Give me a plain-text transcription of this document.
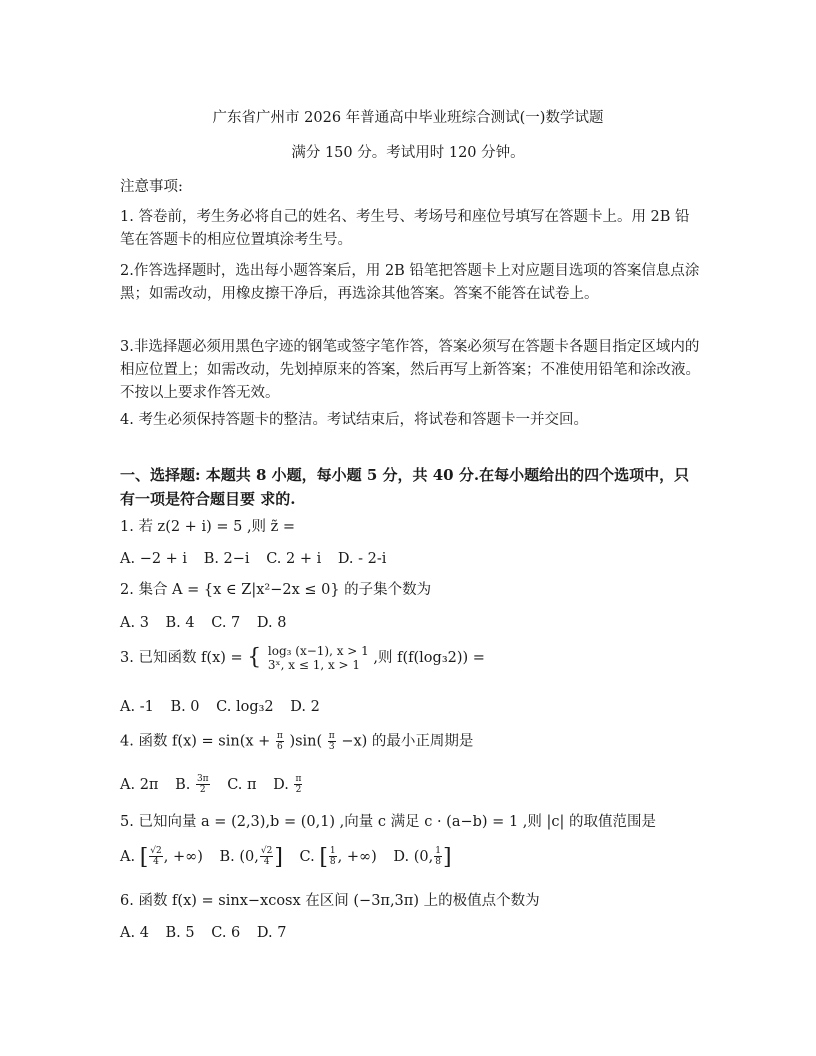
广东省广州市 2026 年普通高中毕业班综合测试(一)数学试题
满分 150 分。考试用时 120 分钟。
注意事项:
1. 答卷前，考生务必将自己的姓名、考生号、考场号和座位号填写在答题卡上。用 2B 铅笔在答题卡的相应位置填涂考生号。
2.作答选择题时，选出每小题答案后，用 2B 铅笔把答题卡上对应题目选项的答案信息点涂黑；如需改动，用橡皮擦干净后，再选涂其他答案。答案不能答在试卷上。
3.非选择题必须用黑色字迹的钢笔或签字笔作答，答案必须写在答题卡各题目指定区域内的相应位置上；如需改动，先划掉原来的答案，然后再写上新答案；不准使用铅笔和涂改液。不按以上要求作答无效。
4. 考生必须保持答题卡的整洁。考试结束后，将试卷和答题卡一并交回。
一、选择题: 本题共 8 小题，每小题 5 分，共 40 分.在每小题给出的四个选项中，只有一项是符合题目要 求的.
1. 若 z(2 + i) = 5 ,则 z̃ =
A. −2 + i B. 2−i C. 2 + i D. - 2-i
2. 集合 A = {x ∈ Z|x²−2x ≤ 0} 的子集个数为
A. 3 B. 4 C. 7 D. 8
3. 已知函数 f(x) = { log₃ (x−1), x > 1
3ˣ, x ≤ 1, x > 1 ,则 f(f(log₃2)) =
A. -1 B. 0 C. log₃2 D. 2
4. 函数 $f(x) = \sin(x + \frac{\pi}{6} )\sin( \frac{\pi}{3} -x)$ 的最小正周期是
A. 2π B. $\frac{3\pi}{2} C$. π D. $\frac{\pi}{2}$
5. 已知向量 a = (2,3),b = (0,1) ,向量 c 满足 c · (a−b) = 1 ,则 |c| 的取值范围是
A. [ $\frac{√2}{4}$ , +∞) B. (0, $\frac{√2}{4}$ ] C. [ $\frac{1}{8}$ , +∞) D. (0, $\frac{1}{8}$ ]
6. 函数 f(x) = sinx−xcosx 在区间 (−3π,3π) 上的极值点个数为
A. 4 B. 5 C. 6 D. 7
